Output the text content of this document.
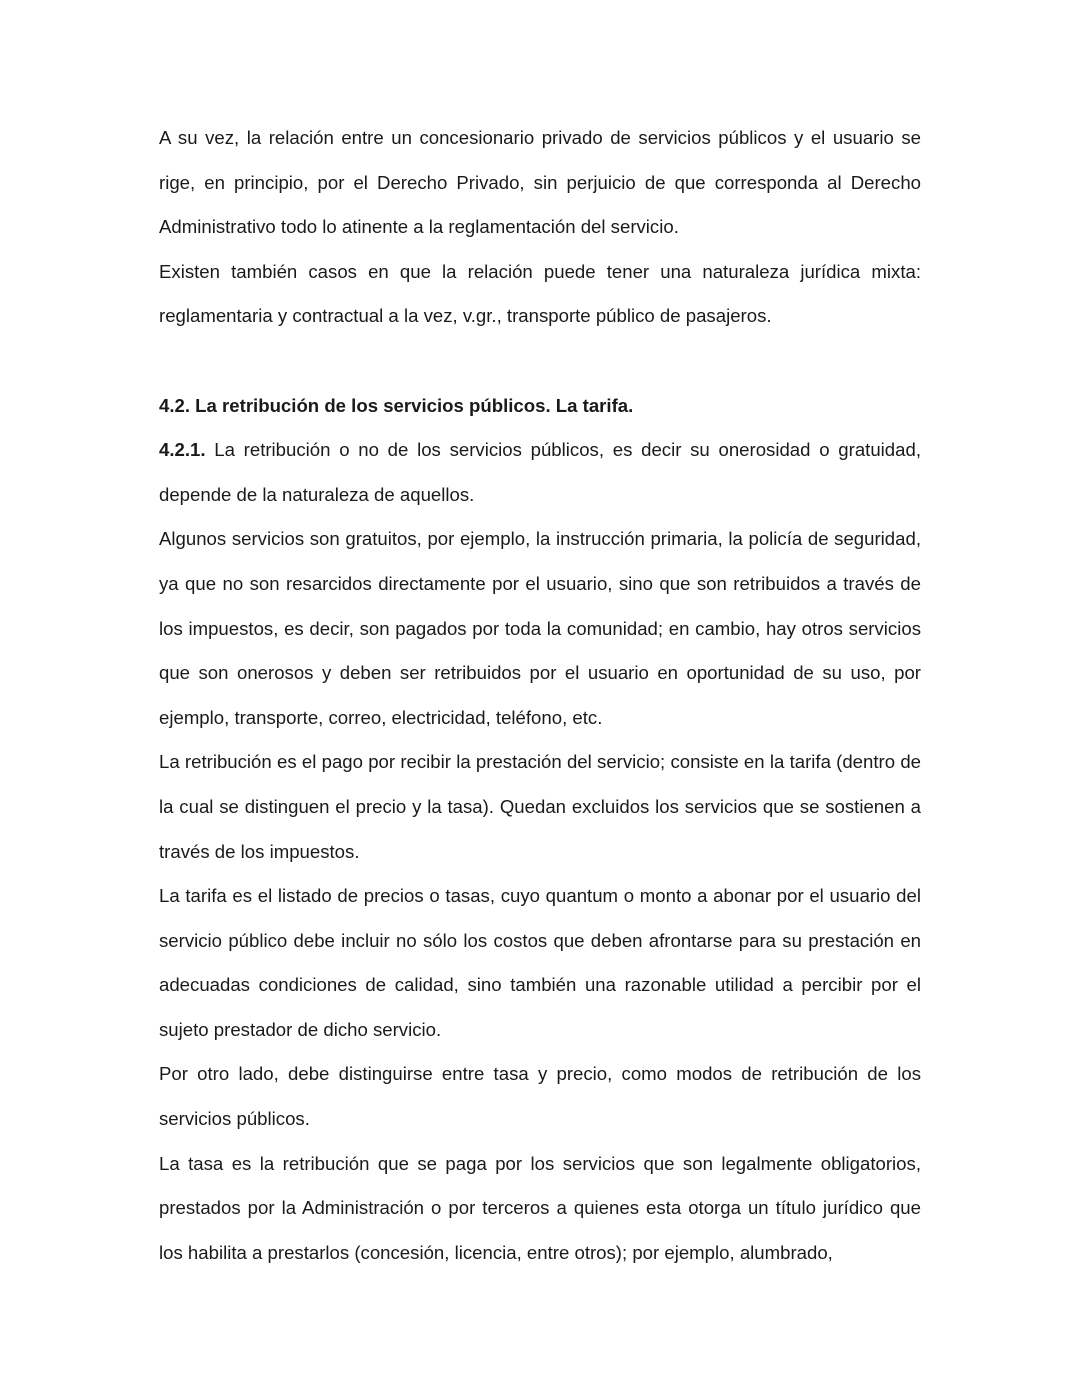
A su vez, la relación entre un concesionario privado de servicios públicos y el usuario se rige, en principio, por el Derecho Privado, sin perjuicio de que corresponda al Derecho Administrativo todo lo atinente a la reglamentación del servicio.

Existen también casos en que la relación puede tener una naturaleza jurídica mixta: reglamentaria y contractual a la vez, v.gr., transporte público de pasajeros.

4.2. La retribución de los servicios públicos. La tarifa.

4.2.1. La retribución o no de los servicios públicos, es decir su onerosidad o gratuidad, depende de la naturaleza de aquellos.

Algunos servicios son gratuitos, por ejemplo, la instrucción primaria, la policía de seguridad, ya que no son resarcidos directamente por el usuario, sino que son retribuidos a través de los impuestos, es decir, son pagados por toda la comunidad; en cambio, hay otros servicios que son onerosos y deben ser retribuidos por el usuario en oportunidad de su uso, por ejemplo, transporte, correo, electricidad, teléfono, etc.

La retribución es el pago por recibir la prestación del servicio; consiste en la tarifa (dentro de la cual se distinguen el precio y la tasa). Quedan excluidos los servicios que se sostienen a través de los impuestos.

La tarifa es el listado de precios o tasas, cuyo quantum o monto a abonar por el usuario del servicio público debe incluir no sólo los costos que deben afrontarse para su prestación en adecuadas condiciones de calidad, sino también una razonable utilidad a percibir por el sujeto prestador de dicho servicio.

Por otro lado, debe distinguirse entre tasa y precio, como modos de retribución de los servicios públicos.

La tasa es la retribución que se paga por los servicios que son legalmente obligatorios, prestados por la Administración o por terceros a quienes esta otorga un título jurídico que los habilita a prestarlos (concesión, licencia, entre otros); por ejemplo, alumbrado,
